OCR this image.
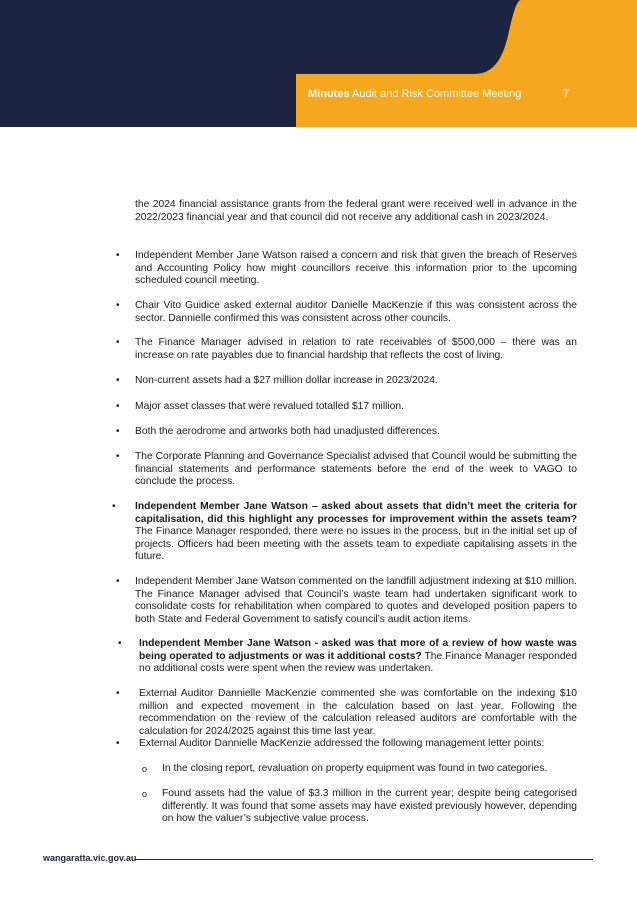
Minutes Audit and Risk Committee Meeting	7
the 2024 financial assistance grants from the federal grant were received well in advance in the 2022/2023 financial year and that council did not receive any additional cash in 2023/2024.
• Independent Member Jane Watson raised a concern and risk that given the breach of Reserves and Accounting Policy how might councillors receive this information prior to the upcoming scheduled council meeting.
• Chair Vito Guidice asked external auditor Danielle MacKenzie if this was consistent across the sector. Dannielle confirmed this was consistent across other councils.
• The Finance Manager advised in relation to rate receivables of $500,000 – there was an increase on rate payables due to financial hardship that reflects the cost of living.
• Non-current assets had a $27 million dollar increase in 2023/2024.
• Major asset classes that were revalued totalled $17 million.
• Both the aerodrome and artworks both had unadjusted differences.
• The Corporate Planning and Governance Specialist advised that Council would be submitting the financial statements and performance statements before the end of the week to VAGO to conclude the process.
• Independent Member Jane Watson – asked about assets that didn’t meet the criteria for capitalisation, did this highlight any processes for improvement within the assets team? The Finance Manager responded, there were no issues in the process, but in the initial set up of projects. Officers had been meeting with the assets team to expediate capitalising assets in the future.
• Independent Member Jane Watson commented on the landfill adjustment indexing at $10 million. The Finance Manager advised that Council’s waste team had undertaken significant work to consolidate costs for rehabilitation when compared to quotes and developed position papers to both State and Federal Government to satisfy council’s audit action items.
• Independent Member Jane Watson - asked was that more of a review of how waste was being operated to adjustments or was it additional costs? The Finance Manager responded no additional costs were spent when the review was undertaken.
• External Auditor Dannielle MacKenzie commented she was comfortable on the indexing $10 million and expected movement in the calculation based on last year. Following the recommendation on the review of the calculation released auditors are comfortable with the calculation for 2024/2025 against this time last year.
• External Auditor Dannielle MacKenzie addressed the following management letter points:
o In the closing report, revaluation on property equipment was found in two categories.
o Found assets had the value of $3.3 million in the current year; despite being categorised differently. It was found that some assets may have existed previously however, depending on how the valuer’s subjective value process.
wangaratta.vic.gov.au
